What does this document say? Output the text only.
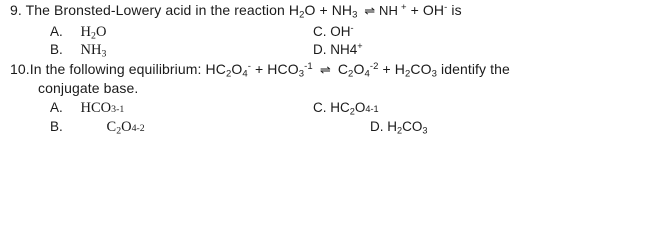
9. The Bronsted-Lowery acid in the reaction $H_2O + NH_3$ ⇌ NH + + OH- is
A. $H_2O$	C. OH-
B. $NH_3$	D. NH4+
10.In the following equilibrium: $HC_2O_4^- + HCO_3^{-1}$ ⇌ $C_2O_4^{-2} + H_2CO_3$ identify the
conjugate base.
A. HCO3-1	C. $HC_2O4-1$
B.	$C_2O4-2$	D. $H_2CO_3$
